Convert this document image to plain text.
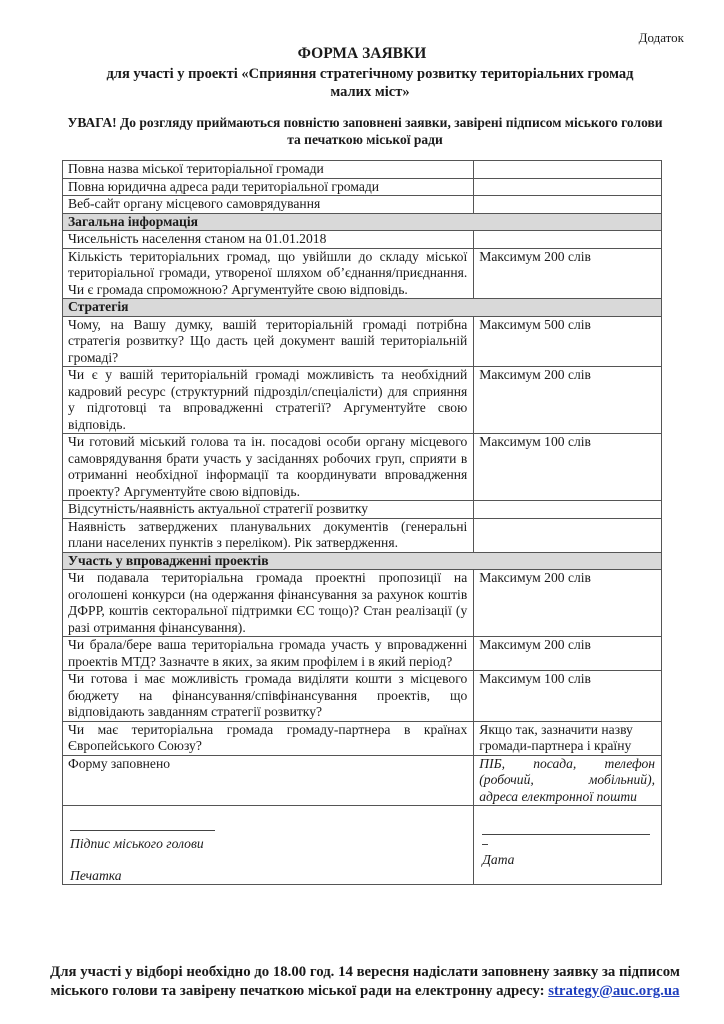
Додаток
ФОРМА ЗАЯВКИ
для участі у проекті «Сприяння стратегічному розвитку територіальних громад малих міст»
УВАГА! До розгляду приймаються повністю заповнені заявки, завірені підписом міського голови та печаткою міської ради
Повна назва міської територіальної громади	
Повна юридична адреса ради територіальної громади	
Веб-сайт органу місцевого самоврядування	
Загальна інформація	
Чисельність населення станом на 01.01.2018	
Кількість територіальних громад, що увійшли до складу міської територіальної громади, утвореної шляхом об’єднання/приєднання. Чи є громада спроможною? Аргументуйте свою відповідь.	Максимум 200 слів
Стратегія	
Чому, на Вашу думку, вашій територіальній громаді потрібна стратегія розвитку? Що дасть цей документ вашій територіальній громаді?	Максимум 500 слів
Чи є у вашій територіальній громаді можливість та необхідний кадровий ресурс (структурний підрозділ/спеціалісти) для сприяння у підготовці та впровадженні стратегії? Аргументуйте свою відповідь.	Максимум 200 слів
Чи готовий міський голова та ін. посадові особи органу місцевого самоврядування брати участь у засіданнях робочих груп, сприяти в отриманні необхідної інформації та координувати впровадження проекту? Аргументуйте свою відповідь.	Максимум 100 слів
Відсутність/наявність актуальної стратегії розвитку	
Наявність затверджених планувальних документів (генеральні плани населених пунктів з переліком). Рік затвердження.	
Участь у впровадженні проектів	
Чи подавала територіальна громада проектні пропозиції на оголошені конкурси (на одержання фінансування за рахунок коштів ДФРР, коштів секторальної підтримки ЄС тощо)? Стан реалізації (у разі отримання фінансування).	Максимум 200 слів
Чи брала/бере ваша територіальна громада участь у впровадженні проектів МТД? Зазначте в яких, за яким профілем і в який період?	Максимум 200 слів
Чи готова і має можливість громада виділяти кошти з місцевого бюджету на фінансування/співфінансування проектів, що відповідають завданням стратегії розвитку?	Максимум 100 слів
Чи має територіальна громада громаду-партнера в країнах Європейського Союзу?	Якщо так, зазначити назву громади-партнера і країну
Форму заповнено	ПІБ, посада, телефон
(робочий, мобільний),
адреса електронної пошти

Підпис міського голови
Печатка	Дата
Для участі у відборі необхідно до 18.00 год. 14 вересня надіслати заповнену заявку за підписом міського голови та завірену печаткою міської ради на електронну адресу: strategy@auc.org.ua
